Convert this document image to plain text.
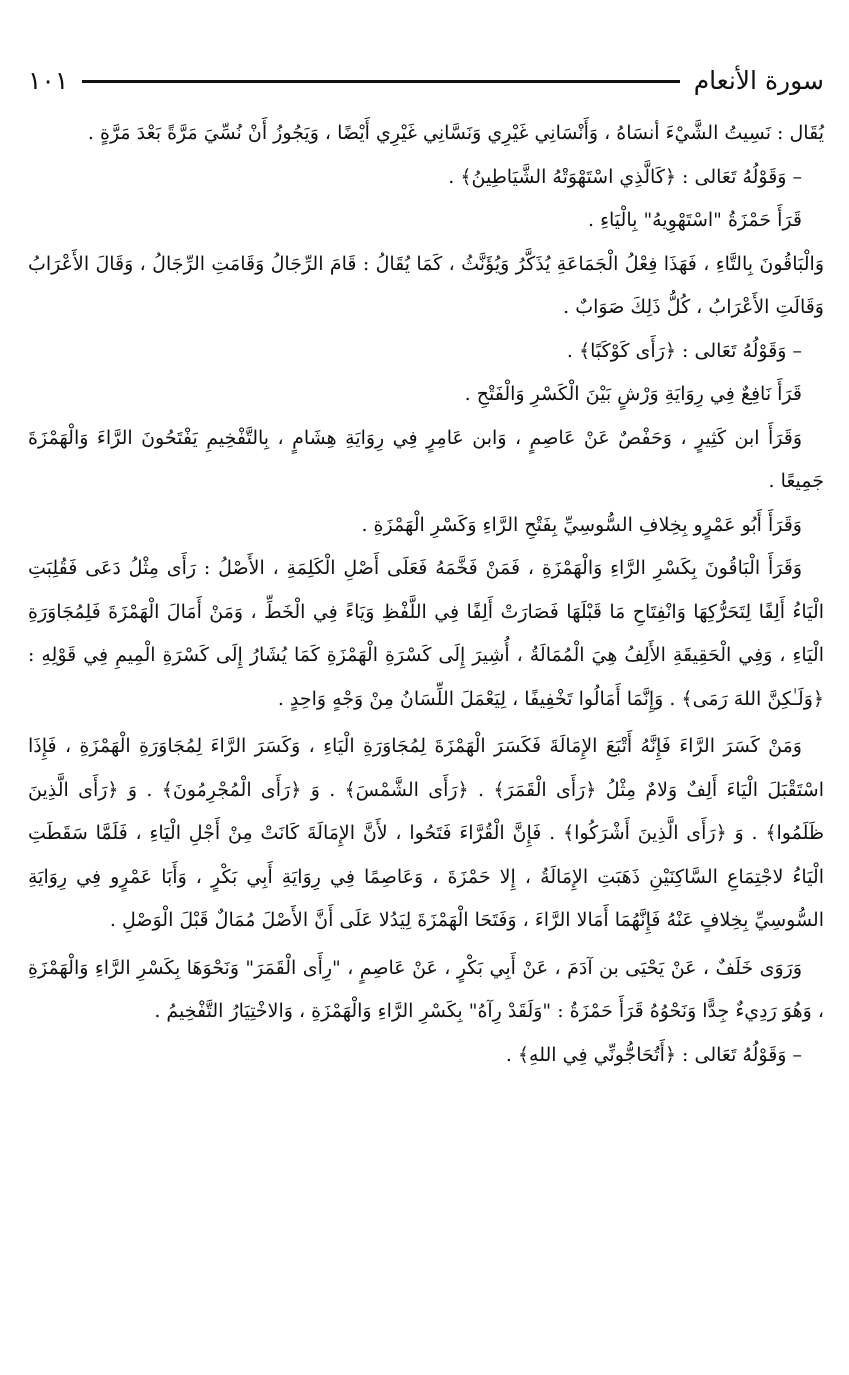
سورة الأنعام
١٠١

يُقَال : نَسِيتُ الشَّيْءَ أنسَاهُ ، وَأَنْسَانِي غَيْرِي وَنَسَّانِي غَيْرِي أَيْضًا ، وَيَجُوزُ أَنْ نُسِّيَ مَرَّةً بَعْدَ مَرَّةٍ .

– وَقَوْلُهُ تَعَالى : ﴿كَالَّذِي اسْتَهْوَتْهُ الشَّيَاطِينُ﴾ .

قَرَأَ حَمْزَةُ "اسْتَهْوِيهُ" بِالْيَاءِ .

وَالْبَاقُونَ بِالتَّاءِ ، فَهَذَا فِعْلُ الْجَمَاعَةِ يُذَكَّرُ وَيُؤَنَّثُ ، كَمَا يُقَالُ : قَامَ الرِّجَالُ وَقَامَتِ الرِّجَالُ ، وَقَالَ الأَعْرَابُ وَقَالَتِ الأَعْرَابُ ، كُلُّ ذَلِكَ صَوَابٌ .

– وَقَوْلُهُ تَعَالى : ﴿رَأَى كَوْكَبًا﴾ .

قَرَأَ نَافِعٌ فِي رِوَايَةِ وَرْشٍ بَيْنَ الْكَسْرِ وَالْفَتْحِ .

وَقَرَأَ ابن كَثِيرٍ ، وَحَفْصٌ عَنْ عَاصِمٍ ، وَابن عَامِرٍ فِي رِوَايَةِ هِشَامٍ ، بِالتَّفْخِيمِ يَفْتَحُونَ الرَّاءَ وَالْهَمْزَةَ جَمِيعًا .

وَقَرَأَ أَبُو عَمْرٍو بِخِلافِ السُّوسِيِّ بِفَتْحِ الرَّاءِ وَكَسْرِ الْهَمْزَةِ .

وَقَرَأَ الْبَاقُونَ بِكَسْرِ الرَّاءِ وَالْهَمْزَةِ ، فَمَنْ فَخَّمَهُ فَعَلَى أَصْلِ الْكَلِمَةِ ، الأَصْلُ : رَأَى مِثْلُ دَعَى فَقُلِبَتِ الْيَاءُ أَلِفًا لِتَحَرُّكِهَا وَانْفِتَاحِ مَا قَبْلَهَا فَصَارَتْ أَلِفًا فِي اللَّفْظِ وَيَاءً فِي الْخَطِّ ، وَمَنْ أَمَالَ الْهَمْزَةَ فَلِمُجَاوَرَةِ الْيَاءِ ، وَفِي الْحَقِيقَةِ الأَلِفُ هِيَ الْمُمَالَةُ ، أُشِيرَ إِلَى كَسْرَةِ الْهَمْزَةِ كَمَا يُشَارُ إِلَى كَسْرَةِ الْمِيمِ فِي قَوْلِهِ : ﴿وَلَـٰكِنَّ اللهَ رَمَى﴾ . وَإِنَّمَا أَمَالُوا تَخْفِيفًا ، لِيَعْمَلَ اللِّسَانُ مِنْ وَجْهٍ وَاحِدٍ .

وَمَنْ كَسَرَ الرَّاءَ فَإِنَّهُ أَتْبَعَ الإِمَالَةَ فَكَسَرَ الْهَمْزَةَ لِمُجَاوَرَةِ الْيَاءِ ، وَكَسَرَ الرَّاءَ لِمُجَاوَرَةِ الْهَمْزَةِ ، فَإِذَا اسْتَقْبَلَ الْيَاءَ أَلِفٌ وَلامٌ مِثْلُ ﴿رَأَى الْقَمَرَ﴾ . ﴿رَأَى الشَّمْسَ﴾ . وَ ﴿رَأَى الْمُجْرِمُونَ﴾ . وَ ﴿رَأَى الَّذِينَ ظَلَمُوا﴾ . وَ ﴿رَأَى الَّذِينَ أَشْرَكُوا﴾ . فَإِنَّ الْقُرَّاءَ فَتَحُوا ، لأَنَّ الإِمَالَةَ كَانَتْ مِنْ أَجْلِ الْيَاءِ ، فَلَمَّا سَقَطَتِ الْيَاءُ لاجْتِمَاعِ السَّاكِنَيْنِ ذَهَبَتِ الإِمَالَةُ ، إِلا حَمْزَةَ ، وَعَاصِمًا فِي رِوَايَةِ أَبِي بَكْرٍ ، وَأَبَا عَمْرٍو فِي رِوَايَةِ السُّوسِيِّ بِخِلافٍ عَنْهُ فَإِنَّهُمَا أَمَالا الرَّاءَ ، وَفَتَحَا الْهَمْزَةَ لِيَدُلا عَلَى أَنَّ الأَصْلَ مُمَالٌ قَبْلَ الْوَصْلِ .

وَرَوَى خَلَفٌ ، عَنْ يَحْيَى بن آدَمَ ، عَنْ أَبِي بَكْرٍ ، عَنْ عَاصِمٍ ، "رِأَى الْقَمَرَ" وَنَحْوَهَا بِكَسْرِ الرَّاءِ وَالْهَمْزَةِ ، وَهُوَ رَدِيءٌ جِدًّا وَنَحْوُهُ قَرَأَ حَمْزَةُ : "وَلَقَدْ رِآهُ" بِكَسْرِ الرَّاءِ وَالْهَمْزَةِ ، وَالاخْتِيَارُ التَّفْخِيمُ .

– وَقَوْلُهُ تَعَالى : ﴿أَتُحَاجُّونِّي فِي اللهِ﴾ .
